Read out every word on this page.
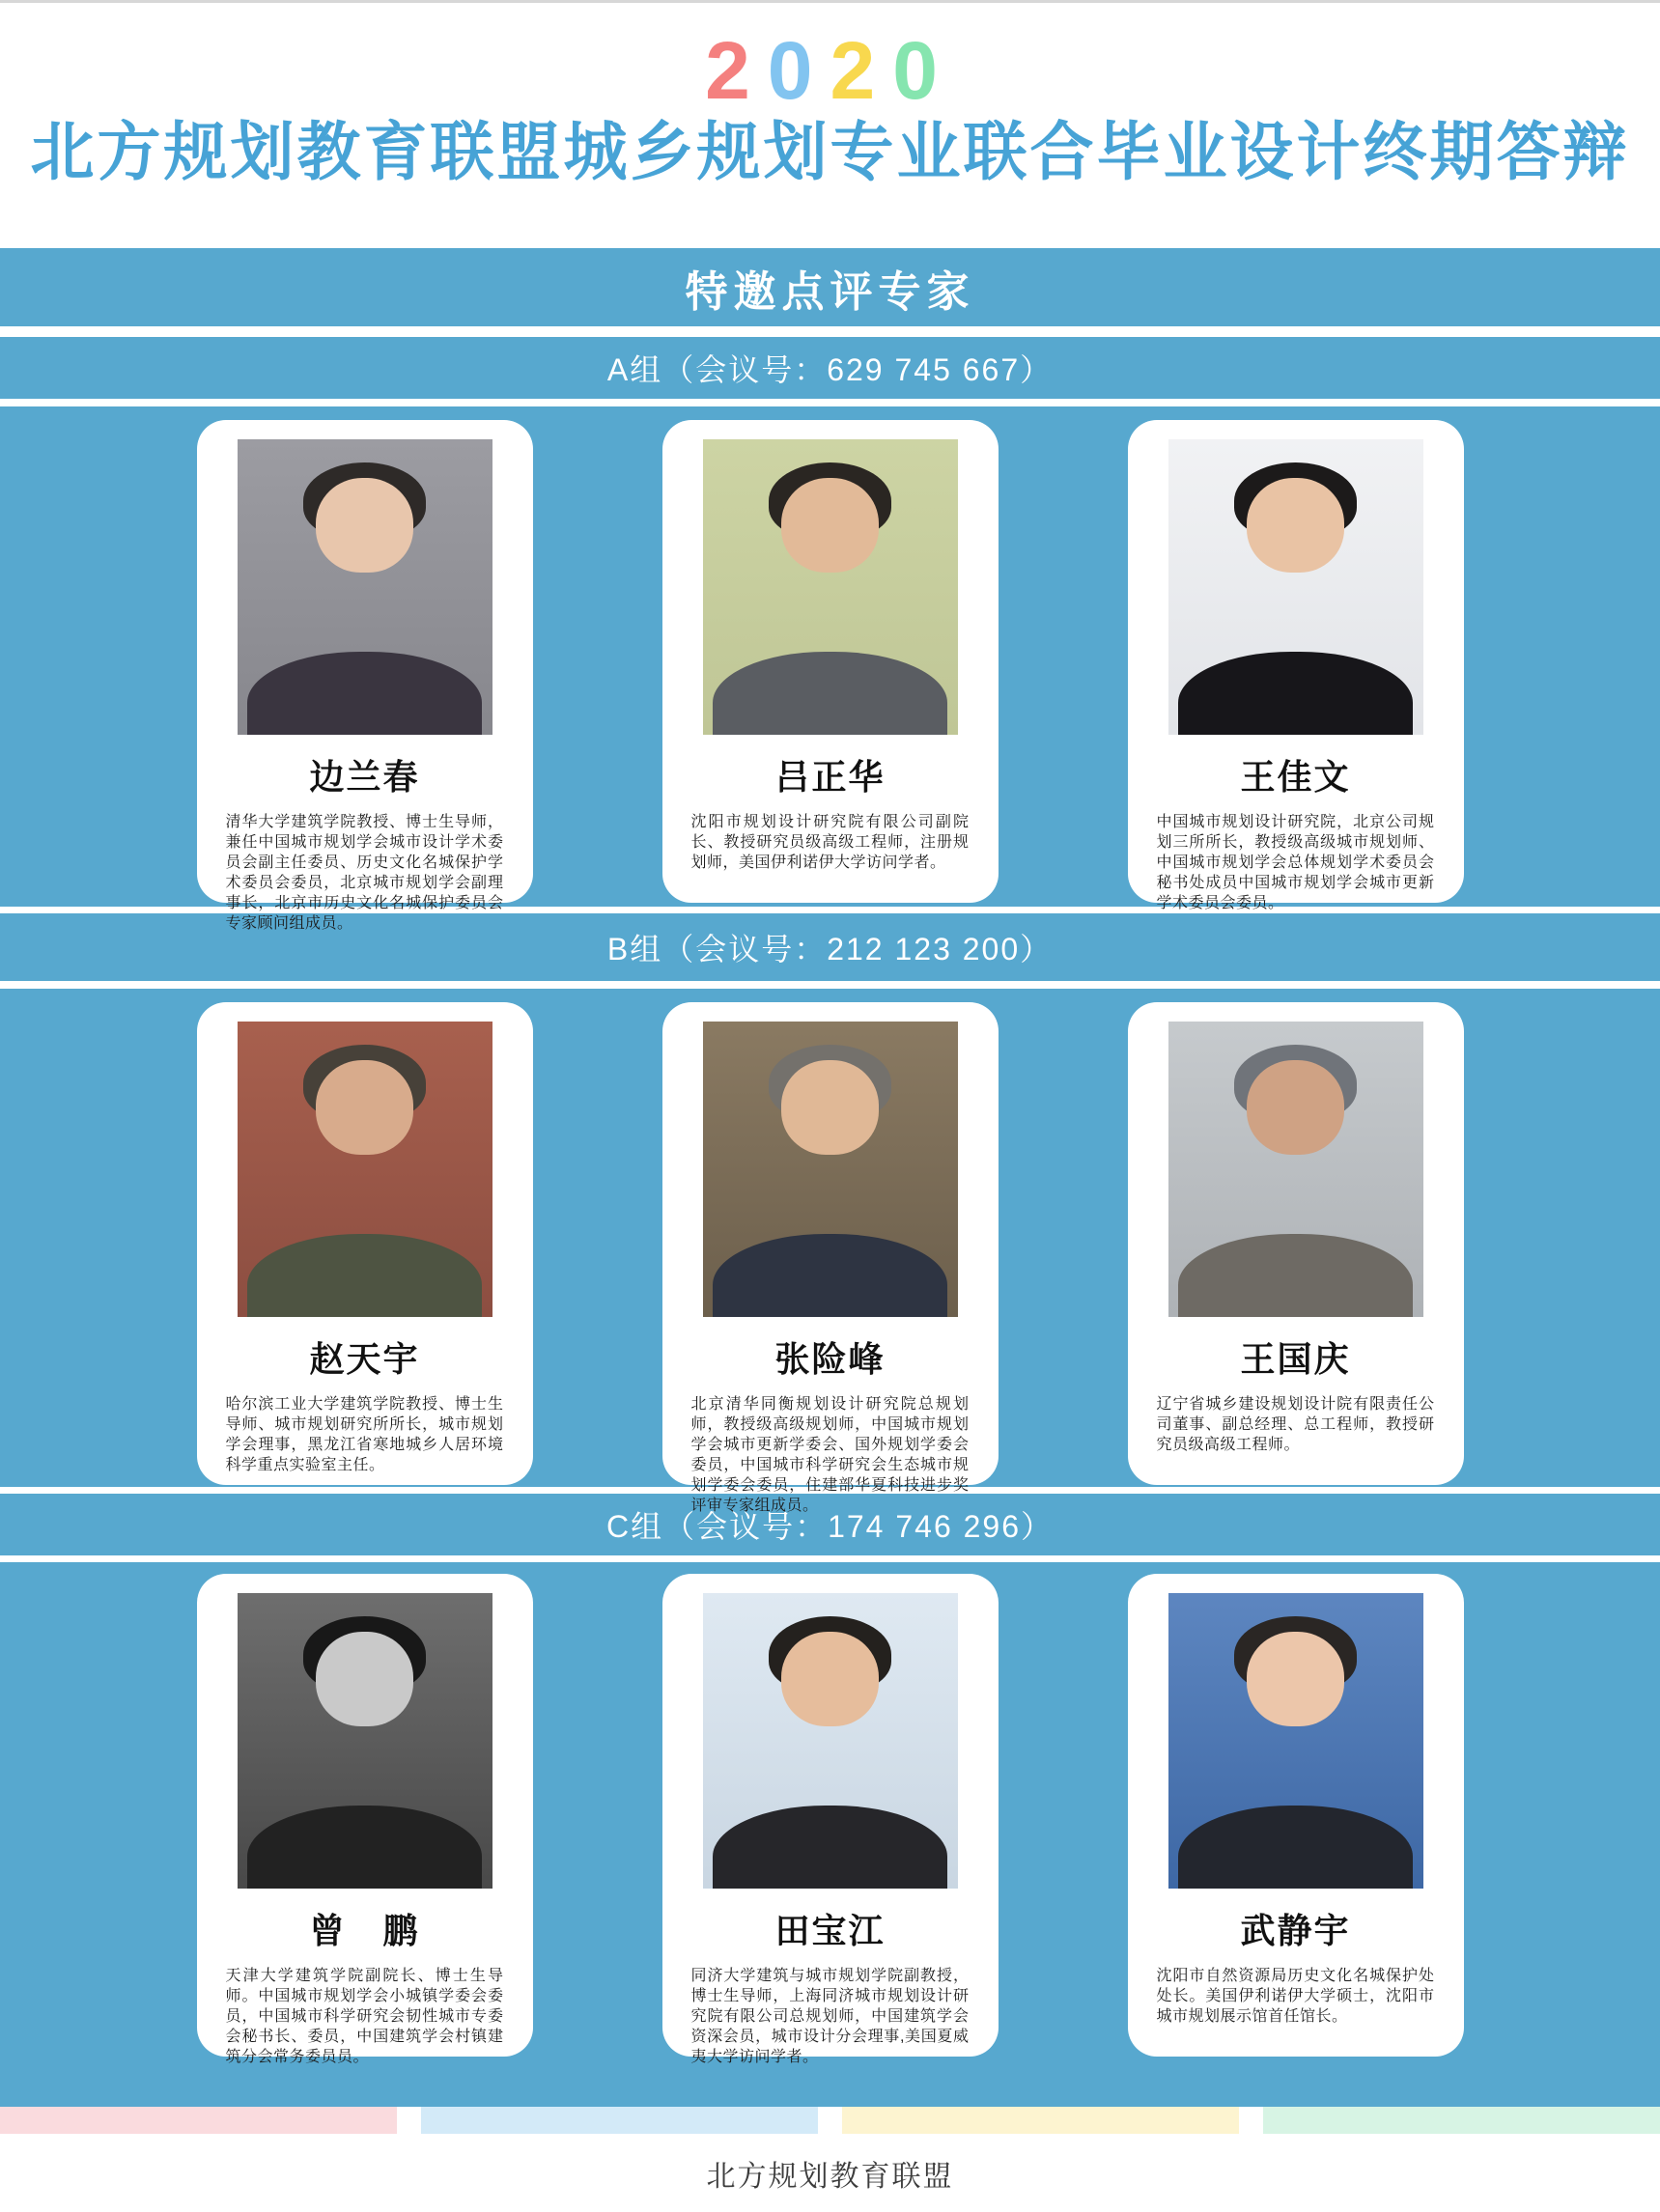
2020
北方规划教育联盟城乡规划专业联合毕业设计终期答辩
特邀点评专家
A组（会议号：629 745 667）
边兰春
清华大学建筑学院教授、博士生导师，兼任中国城市规划学会城市设计学术委员会副主任委员、历史文化名城保护学术委员会委员，北京城市规划学会副理事长，北京市历史文化名城保护委员会专家顾问组成员。
吕正华
沈阳市规划设计研究院有限公司副院长、教授研究员级高级工程师，注册规划师，美国伊利诺伊大学访问学者。
王佳文
中国城市规划设计研究院，北京公司规划三所所长，教授级高级城市规划师、中国城市规划学会总体规划学术委员会秘书处成员中国城市规划学会城市更新学术委员会委员。
B组（会议号：212 123 200）
赵天宇
哈尔滨工业大学建筑学院教授、博士生导师、城市规划研究所所长，城市规划学会理事，黑龙江省寒地城乡人居环境科学重点实验室主任。
张险峰
北京清华同衡规划设计研究院总规划师，教授级高级规划师，中国城市规划学会城市更新学委会、国外规划学委会委员，中国城市科学研究会生态城市规划学委会委员，住建部华夏科技进步奖评审专家组成员。
王国庆
辽宁省城乡建设规划设计院有限责任公司董事、副总经理、总工程师，教授研究员级高级工程师。
C组（会议号：174 746 296）
曾　鹏
天津大学建筑学院副院长、博士生导师。中国城市规划学会小城镇学委会委员，中国城市科学研究会韧性城市专委会秘书长、委员，中国建筑学会村镇建筑分会常务委员员。
田宝江
同济大学建筑与城市规划学院副教授，博士生导师，上海同济城市规划设计研究院有限公司总规划师，中国建筑学会资深会员，城市设计分会理事,美国夏威夷大学访问学者。
武静宇
沈阳市自然资源局历史文化名城保护处处长。美国伊利诺伊大学硕士，沈阳市城市规划展示馆首任馆长。
北方规划教育联盟
